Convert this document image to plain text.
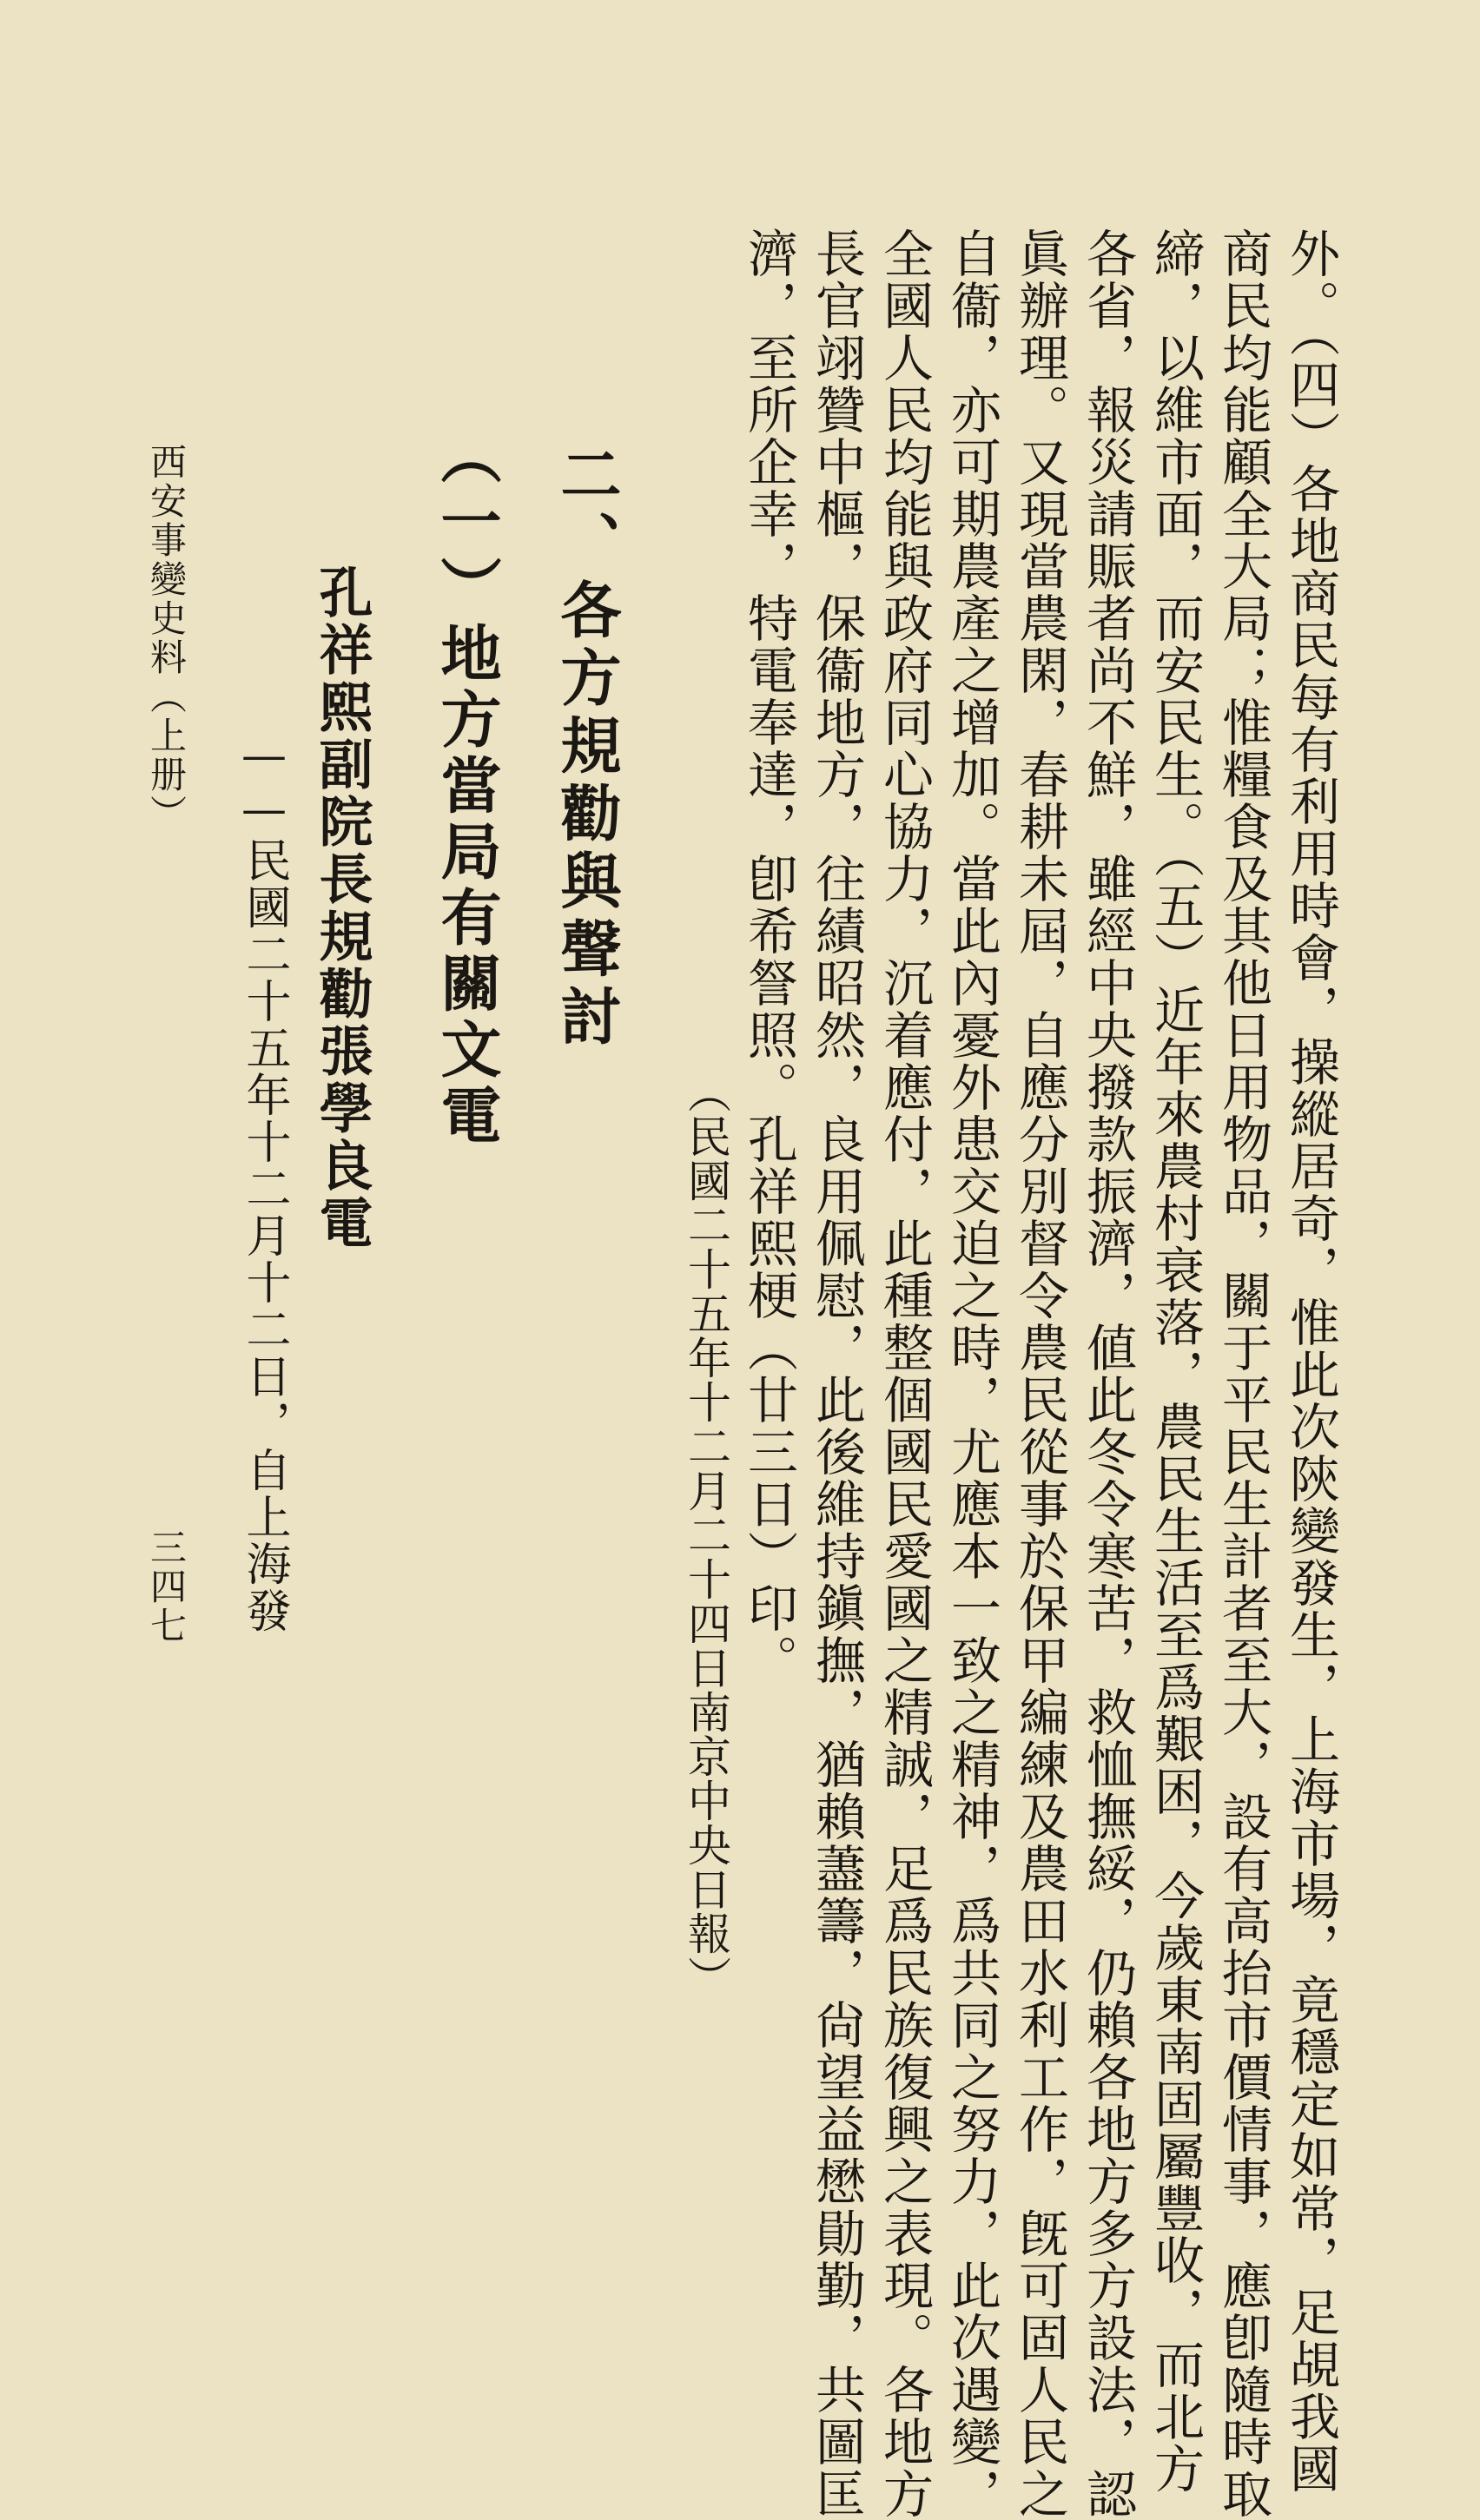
外。（四）各地商民每有利用時會，操縱居奇，惟此次陝變發生，上海市場，竟穩定如常，足覘我國
商民均能顧全大局；惟糧食及其他日用物品，關于平民生計者至大，設有高抬市價情事，應卽隨時取
締，以維市面，而安民生。（五）近年來農村衰落，農民生活至爲艱困，今歲東南固屬豐收，而北方
各省，報災請賑者尚不鮮，雖經中央撥款振濟，値此冬令寒苦，救恤撫綏，仍賴各地方多方設法，認
眞辦理。又現當農閑，春耕未屆，自應分別督令農民從事於保甲編練及農田水利工作，旣可固人民之
自衞，亦可期農產之增加。當此內憂外患交迫之時，尤應本一致之精神，爲共同之努力，此次遇變，
全國人民均能與政府同心協力，沉着應付，此種整個國民愛國之精誠，足爲民族復興之表現。各地方
長官翊贊中樞，保衞地方，往績昭然，良用佩慰，此後維持鎭撫，猶賴藎籌，尙望益懋勛勤，共圖匡
濟，至所企幸，特電奉達，卽希詧照。孔祥熙梗（廿三日）印。
（民國二十五年十二月二十四日南京中央日報）
二、各方規勸與聲討
（一）地方當局有關文電
孔祥熙副院長規勸張學良電
——民國二十五年十二月十二日，自上海發
西安事變史料（上册）
三四七
